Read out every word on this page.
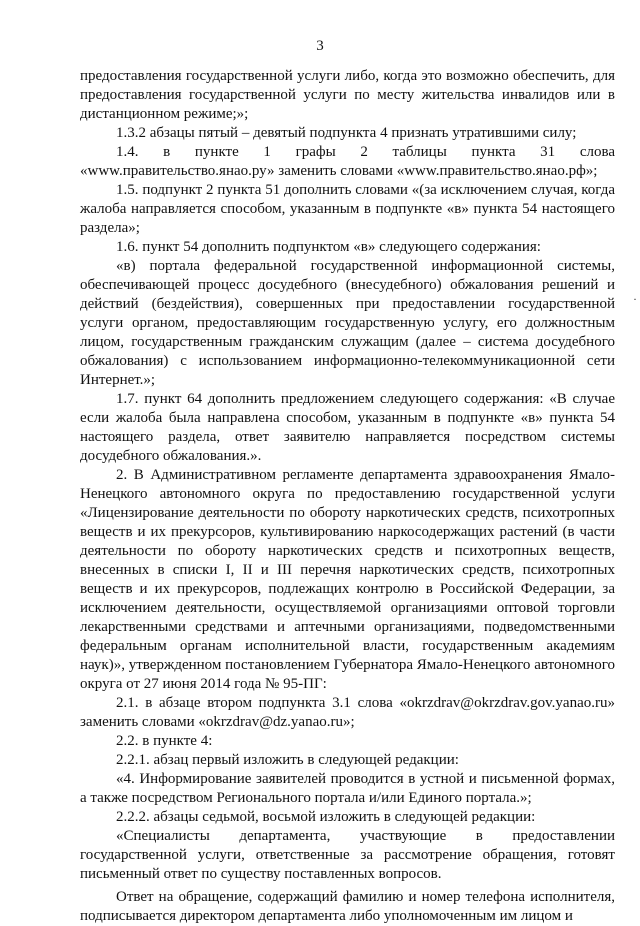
3

предоставления государственной услуги либо, когда это возможно обеспечить, для предоставления государственной услуги по месту жительства инвалидов или в дистанционном режиме;»;

1.3.2 абзацы пятый – девятый подпункта 4 признать утратившими силу;

1.4. в пункте 1 графы 2 таблицы пункта 31 слова «www.правительство.янао.ру» заменить словами «www.правительство.янао.рф»;

1.5. подпункт 2 пункта 51 дополнить словами «(за исключением случая, когда жалоба направляется способом, указанным в подпункте «в» пункта 54 настоящего раздела»;

1.6. пункт 54 дополнить подпунктом «в» следующего содержания:

«в) портала федеральной государственной информационной системы, обеспечивающей процесс досудебного (внесудебного) обжалования решений и действий (бездействия), совершенных при предоставлении государственной услуги органом, предоставляющим государственную услугу, его должностным лицом, государственным гражданским служащим (далее – система досудебного обжалования) с использованием информационно-телекоммуникационной сети Интернет.»;

1.7. пункт 64 дополнить предложением следующего содержания: «В случае если жалоба была направлена способом, указанным в подпункте «в» пункта 54 настоящего раздела, ответ заявителю направляется посредством системы досудебного обжалования.».

2. В Административном регламенте департамента здравоохранения Ямало-Ненецкого автономного округа по предоставлению государственной услуги «Лицензирование деятельности по обороту наркотических средств, психотропных веществ и их прекурсоров, культивированию наркосодержащих растений (в части деятельности по обороту наркотических средств и психотропных веществ, внесенных в списки I, II и III перечня наркотических средств, психотропных веществ и их прекурсоров, подлежащих контролю в Российской Федерации, за исключением деятельности, осуществляемой организациями оптовой торговли лекарственными средствами и аптечными организациями, подведомственными федеральным органам исполнительной власти, государственным академиям наук)», утвержденном постановлением Губернатора Ямало-Ненецкого автономного округа от 27 июня 2014 года № 95-ПГ:

2.1. в абзаце втором подпункта 3.1 слова «okrzdrav@okrzdrav.gov.yanao.ru» заменить словами «okrzdrav@dz.yanao.ru»;

2.2. в пункте 4:

2.2.1. абзац первый изложить в следующей редакции:

«4. Информирование заявителей проводится в устной и письменной формах, а также посредством Регионального портала и/или Единого портала.»;

2.2.2. абзацы седьмой, восьмой изложить в следующей редакции:

«Специалисты департамента, участвующие в предоставлении государственной услуги, ответственные за рассмотрение обращения, готовят письменный ответ по существу поставленных вопросов.

Ответ на обращение, содержащий фамилию и номер телефона исполнителя, подписывается директором департамента либо уполномоченным им лицом и

·
